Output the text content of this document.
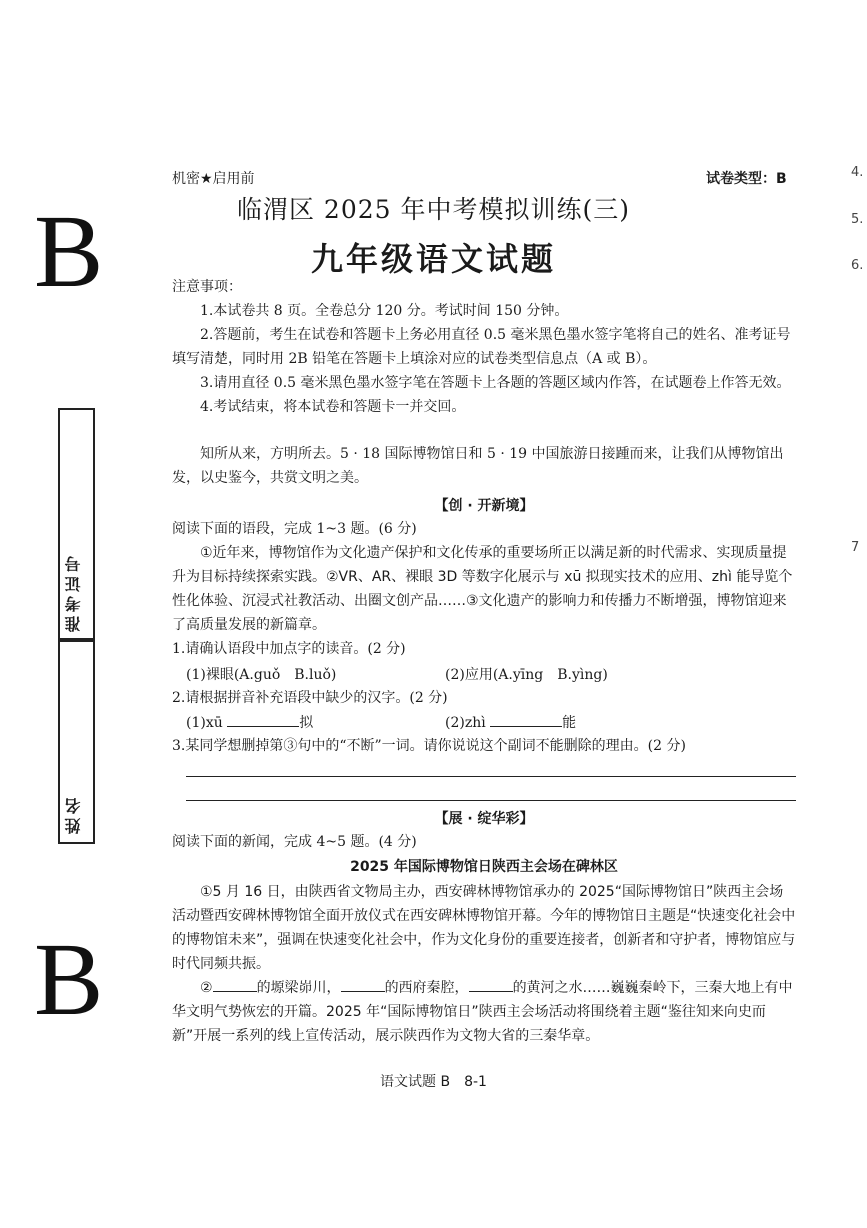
机密★启用前	试卷类型：B
B
B
准考证号
姓名
4.
5.
6.
7
临渭区 2025 年中考模拟训练(三)
九年级语文试题
注意事项：
1.本试卷共 8 页。全卷总分 120 分。考试时间 150 分钟。
2.答题前，考生在试卷和答题卡上务必用直径 0.5 毫米黑色墨水签字笔将自己的姓名、准考证号填写清楚，同时用 2B 铅笔在答题卡上填涂对应的试卷类型信息点（A 或 B）。
3.请用直径 0.5 毫米黑色墨水签字笔在答题卡上各题的答题区域内作答，在试题卷上作答无效。
4.考试结束，将本试卷和答题卡一并交回。
知所从来，方明所去。5 · 18 国际博物馆日和 5 · 19 中国旅游日接踵而来，让我们从博物馆出发，以史鉴今，共赏文明之美。
【创 · 开新境】
阅读下面的语段，完成 1~3 题。(6 分)
①近年来，博物馆作为文化遗产保护和文化传承的重要场所正以满足新的时代需求、实现质量提升为目标持续探索实践。②VR、AR、裸眼 3D 等数字化展示与 xū 拟现实技术的应用、zhì 能导览个性化体验、沉浸式社教活动、出圈文创产品……③文化遗产的影响力和传播力不断增强，博物馆迎来了高质量发展的新篇章。
1.请确认语段中加点字的读音。(2 分)
(1)裸眼(A.guǒ　B.luǒ)	(2)应用(A.yīng　B.yìng)
2.请根据拼音补充语段中缺少的汉字。(2 分)
(1)xū	拟	(2)zhì	能
3.某同学想删掉第③句中的“不断”一词。请你说说这个副词不能删除的理由。(2 分)
【展 · 绽华彩】
阅读下面的新闻，完成 4~5 题。(4 分)
2025 年国际博物馆日陕西主会场在碑林区
①5 月 16 日，由陕西省文物局主办，西安碑林博物馆承办的 2025“国际博物馆日”陕西主会场活动暨西安碑林博物馆全面开放仪式在西安碑林博物馆开幕。今年的博物馆日主题是“快速变化社会中的博物馆未来”，强调在快速变化社会中，作为文化身份的重要连接者，创新者和守护者，博物馆应与时代同频共振。
②	的塬梁峁川，	的西府秦腔，	的黄河之水……巍巍秦岭下，三秦大地上有中华文明气势恢宏的开篇。2025 年“国际博物馆日”陕西主会场活动将围绕着主题“鉴往知来向史而新”开展一系列的线上宣传活动，展示陕西作为文物大省的三秦华章。
语文试题 B　8-1
